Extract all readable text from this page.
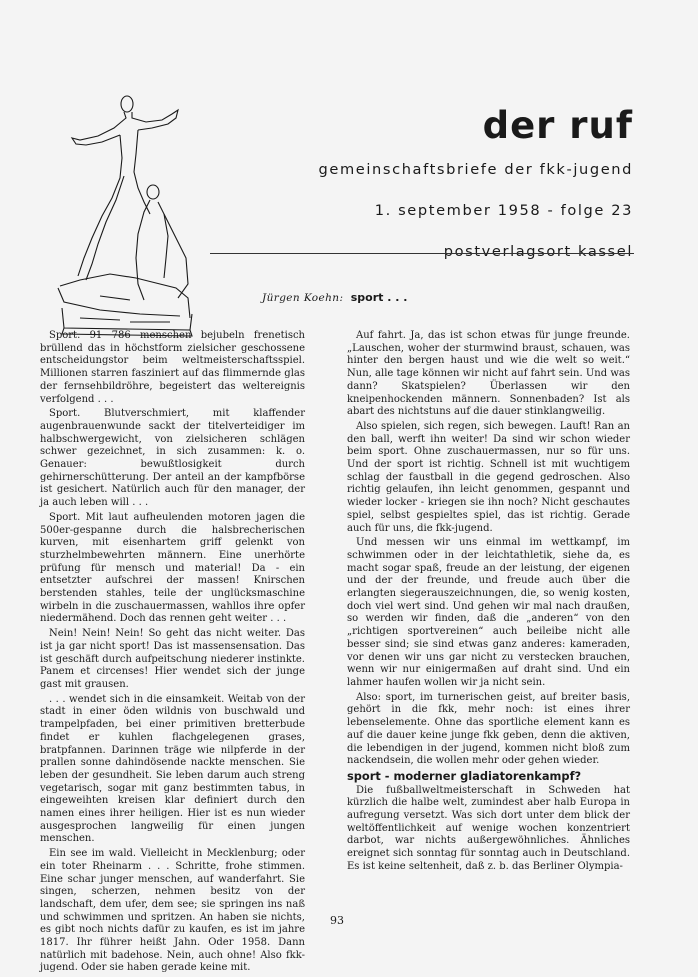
der ruf
gemeinschaftsbriefe der fkk-jugend
1. september 1958 - folge 23
postverlagsort kassel
Jürgen Koehn: sport . . .

Sport. 91 786 menschen bejubeln frenetisch brüllend das in höchstform zielsicher geschossene entscheidungstor beim weltmeisterschaftsspiel. Millionen starren fasziniert auf das flimmernde glas der fernsehbildröhre, begeistert das weltereignis verfolgend . . .

Sport. Blutverschmiert, mit klaffender augenbrauenwunde sackt der titelverteidiger im halbschwergewicht, von zielsicheren schlägen schwer gezeichnet, in sich zusammen: k. o. Genauer: bewußtlosigkeit durch gehirnerschütterung. Der anteil an der kampfbörse ist gesichert. Natürlich auch für den manager, der ja auch leben will . . .

Sport. Mit laut aufheulenden motoren jagen die 500er-gespanne durch die halsbrecherischen kurven, mit eisenhartem griff gelenkt von sturzhelmbewehrten männern. Eine unerhörte prüfung für mensch und material! Da - ein entsetzter aufschrei der massen! Knirschen berstenden stahles, teile der unglücksmaschine wirbeln in die zuschauermassen, wahllos ihre opfer niedermähend. Doch das rennen geht weiter . . .

Nein! Nein! Nein! So geht das nicht weiter. Das ist ja gar nicht sport! Das ist massensensation. Das ist geschäft durch aufpeitschung niederer instinkte. Panem et circenses! Hier wendet sich der junge gast mit grausen.

. . . wendet sich in die einsamkeit. Weitab von der stadt in einer öden wildnis von buschwald und trampelpfaden, bei einer primitiven bretterbude findet er kuhlen flachgelegenen grases, bratpfannen. Darinnen träge wie nilpferde in der prallen sonne dahindösende nackte menschen. Sie leben der gesundheit. Sie leben darum auch streng vegetarisch, sogar mit ganz bestimmten tabus, in eingeweihten kreisen klar definiert durch den namen eines ihrer heiligen. Hier ist es nun wieder ausgesprochen langweilig für einen jungen menschen.

Ein see im wald. Vielleicht in Mecklenburg; oder ein toter Rheinarm . . . Schritte, frohe stimmen. Eine schar junger menschen, auf wanderfahrt. Sie singen, scherzen, nehmen besitz von der landschaft, dem ufer, dem see; sie springen ins naß und schwimmen und spritzen. An haben sie nichts, es gibt noch nichts dafür zu kaufen, es ist im jahre 1817. Ihr führer heißt Jahn. Oder 1958. Dann natürlich mit badehose. Nein, auch ohne! Also fkk-jugend. Oder sie haben gerade keine mit.

Auf fahrt. Ja, das ist schon etwas für junge freunde. „Lauschen, woher der sturmwind braust, schauen, was hinter den bergen haust und wie die welt so weit.“ Nun, alle tage können wir nicht auf fahrt sein. Und was dann? Skatspielen? Überlassen wir den kneipenhockenden männern. Sonnenbaden? Ist als abart des nichtstuns auf die dauer stinklangweilig.

Also spielen, sich regen, sich bewegen. Lauft! Ran an den ball, werft ihn weiter! Da sind wir schon wieder beim sport. Ohne zuschauermassen, nur so für uns. Und der sport ist richtig. Schnell ist mit wuchtigem schlag der faustball in die gegend gedroschen. Also richtig gelaufen, ihn leicht genommen, gespannt und wieder locker - kriegen sie ihn noch? Nicht geschautes spiel, selbst gespieltes spiel, das ist richtig. Gerade auch für uns, die fkk-jugend.

Und messen wir uns einmal im wettkampf, im schwimmen oder in der leichtathletik, siehe da, es macht sogar spaß, freude an der leistung, der eigenen und der der freunde, und freude auch über die erlangten siegerauszeichnungen, die, so wenig kosten, doch viel wert sind. Und gehen wir mal nach draußen, so werden wir finden, daß die „anderen“ von den „richtigen sportvereinen“ auch beileibe nicht alle besser sind; sie sind etwas ganz anderes: kameraden, vor denen wir uns gar nicht zu verstecken brauchen, wenn wir nur einigermaßen auf draht sind. Und ein lahmer haufen wollen wir ja nicht sein.

Also: sport, im turnerischen geist, auf breiter basis, gehört in die fkk, mehr noch: ist eines ihrer lebenselemente. Ohne das sportliche element kann es auf die dauer keine junge fkk geben, denn die aktiven, die lebendigen in der jugend, kommen nicht bloß zum nackendsein, die wollen mehr oder gehen wieder.

sport - moderner gladiatorenkampf?

Die fußballweltmeisterschaft in Schweden hat kürzlich die halbe welt, zumindest aber halb Europa in aufregung versetzt. Was sich dort unter dem blick der weltöffentlichkeit auf wenige wochen konzentriert darbot, war nichts außergewöhnliches. Ähnliches ereignet sich sonntag für sonntag auch in Deutschland. Es ist keine seltenheit, daß z. b. das Berliner Olympia-

93
